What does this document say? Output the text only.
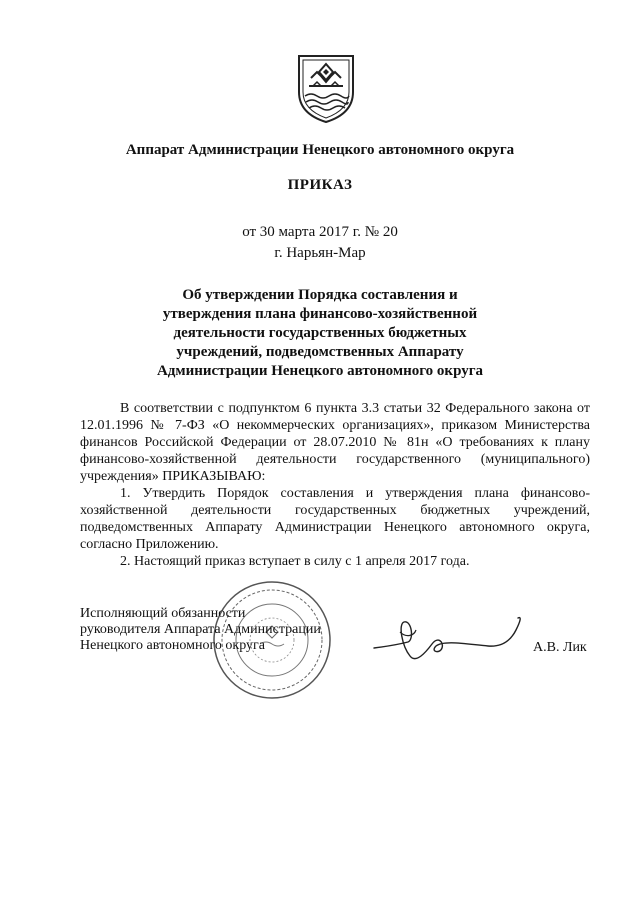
Аппарат Администрации Ненецкого автономного округа
ПРИКАЗ
от 30 марта 2017 г. № 20
г. Нарьян-Мар
Об утверждении Порядка составления и
утверждения плана финансово-хозяйственной
деятельности государственных бюджетных
учреждений, подведомственных Аппарату
Администрации Ненецкого автономного округа

В соответствии с подпунктом 6 пункта 3.3 статьи 32 Федерального закона от 12.01.1996 № 7-ФЗ «О некоммерческих организациях», приказом Министерства финансов Российской Федерации от 28.07.2010 № 81н «О требованиях к плану финансово-хозяйственной деятельности государственного (муниципального) учреждения» ПРИКАЗЫВАЮ:

1. Утвердить Порядок составления и утверждения плана финансово-хозяйственной деятельности государственных бюджетных учреждений, подведомственных Аппарату Администрации Ненецкого автономного округа, согласно Приложению.

2. Настоящий приказ вступает в силу с 1 апреля 2017 года.

Исполняющий обязанности
руководителя Аппарата Администрации
Ненецкого автономного округа	А.В. Лик
